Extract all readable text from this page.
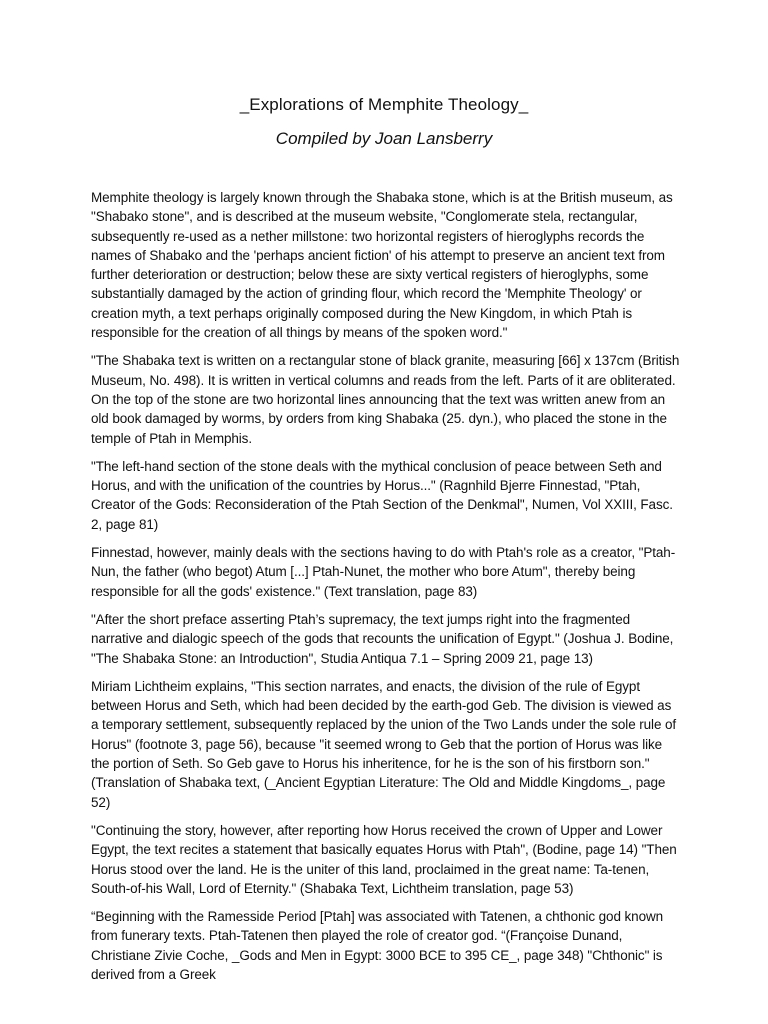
_Explorations of Memphite Theology_
Compiled by Joan Lansberry

Memphite theology is largely known through the Shabaka stone, which is at the British museum, as "Shabako stone", and is described at the museum website, "Conglomerate stela, rectangular, subsequently re-used as a nether millstone: two horizontal registers of hieroglyphs records the names of Shabako and the 'perhaps ancient fiction' of his attempt to preserve an ancient text from further deterioration or destruction; below these are sixty vertical registers of hieroglyphs, some substantially damaged by the action of grinding flour, which record the 'Memphite Theology' or creation myth, a text perhaps originally composed during the New Kingdom, in which Ptah is responsible for the creation of all things by means of the spoken word."

"The Shabaka text is written on a rectangular stone of black granite, measuring [66] x 137cm (British Museum, No. 498). It is written in vertical columns and reads from the left. Parts of it are obliterated. On the top of the stone are two horizontal lines announcing that the text was written anew from an old book damaged by worms, by orders from king Shabaka (25. dyn.), who placed the stone in the temple of Ptah in Memphis.

"The left-hand section of the stone deals with the mythical conclusion of peace between Seth and Horus, and with the unification of the countries by Horus..." (Ragnhild Bjerre Finnestad, "Ptah, Creator of the Gods: Reconsideration of the Ptah Section of the Denkmal", Numen, Vol XXIII, Fasc. 2, page 81)

Finnestad, however, mainly deals with the sections having to do with Ptah's role as a creator, "Ptah-Nun, the father (who begot) Atum [...] Ptah-Nunet, the mother who bore Atum", thereby being responsible for all the gods' existence." (Text translation, page 83)

"After the short preface asserting Ptah’s supremacy, the text jumps right into the fragmented narrative and dialogic speech of the gods that recounts the unification of Egypt." (Joshua J. Bodine, "The Shabaka Stone: an Introduction", Studia Antiqua 7.1 – Spring 2009 21, page 13)

Miriam Lichtheim explains, "This section narrates, and enacts, the division of the rule of Egypt between Horus and Seth, which had been decided by the earth-god Geb. The division is viewed as a temporary settlement, subsequently replaced by the union of the Two Lands under the sole rule of Horus" (footnote 3, page 56), because "it seemed wrong to Geb that the portion of Horus was like the portion of Seth. So Geb gave to Horus his inheritence, for he is the son of his firstborn son." (Translation of Shabaka text, (_Ancient Egyptian Literature: The Old and Middle Kingdoms_, page 52)

"Continuing the story, however, after reporting how Horus received the crown of Upper and Lower Egypt, the text recites a statement that basically equates Horus with Ptah", (Bodine, page 14) "Then Horus stood over the land. He is the uniter of this land, proclaimed in the great name: Ta-tenen, South-of-his Wall, Lord of Eternity." (Shabaka Text, Lichtheim translation, page 53)

“Beginning with the Ramesside Period [Ptah] was associated with Tatenen, a chthonic god known from funerary texts. Ptah-Tatenen then played the role of creator god. “(Françoise Dunand, Christiane Zivie Coche, _Gods and Men in Egypt: 3000 BCE to 395 CE_, page 348) "Chthonic" is derived from a Greek
